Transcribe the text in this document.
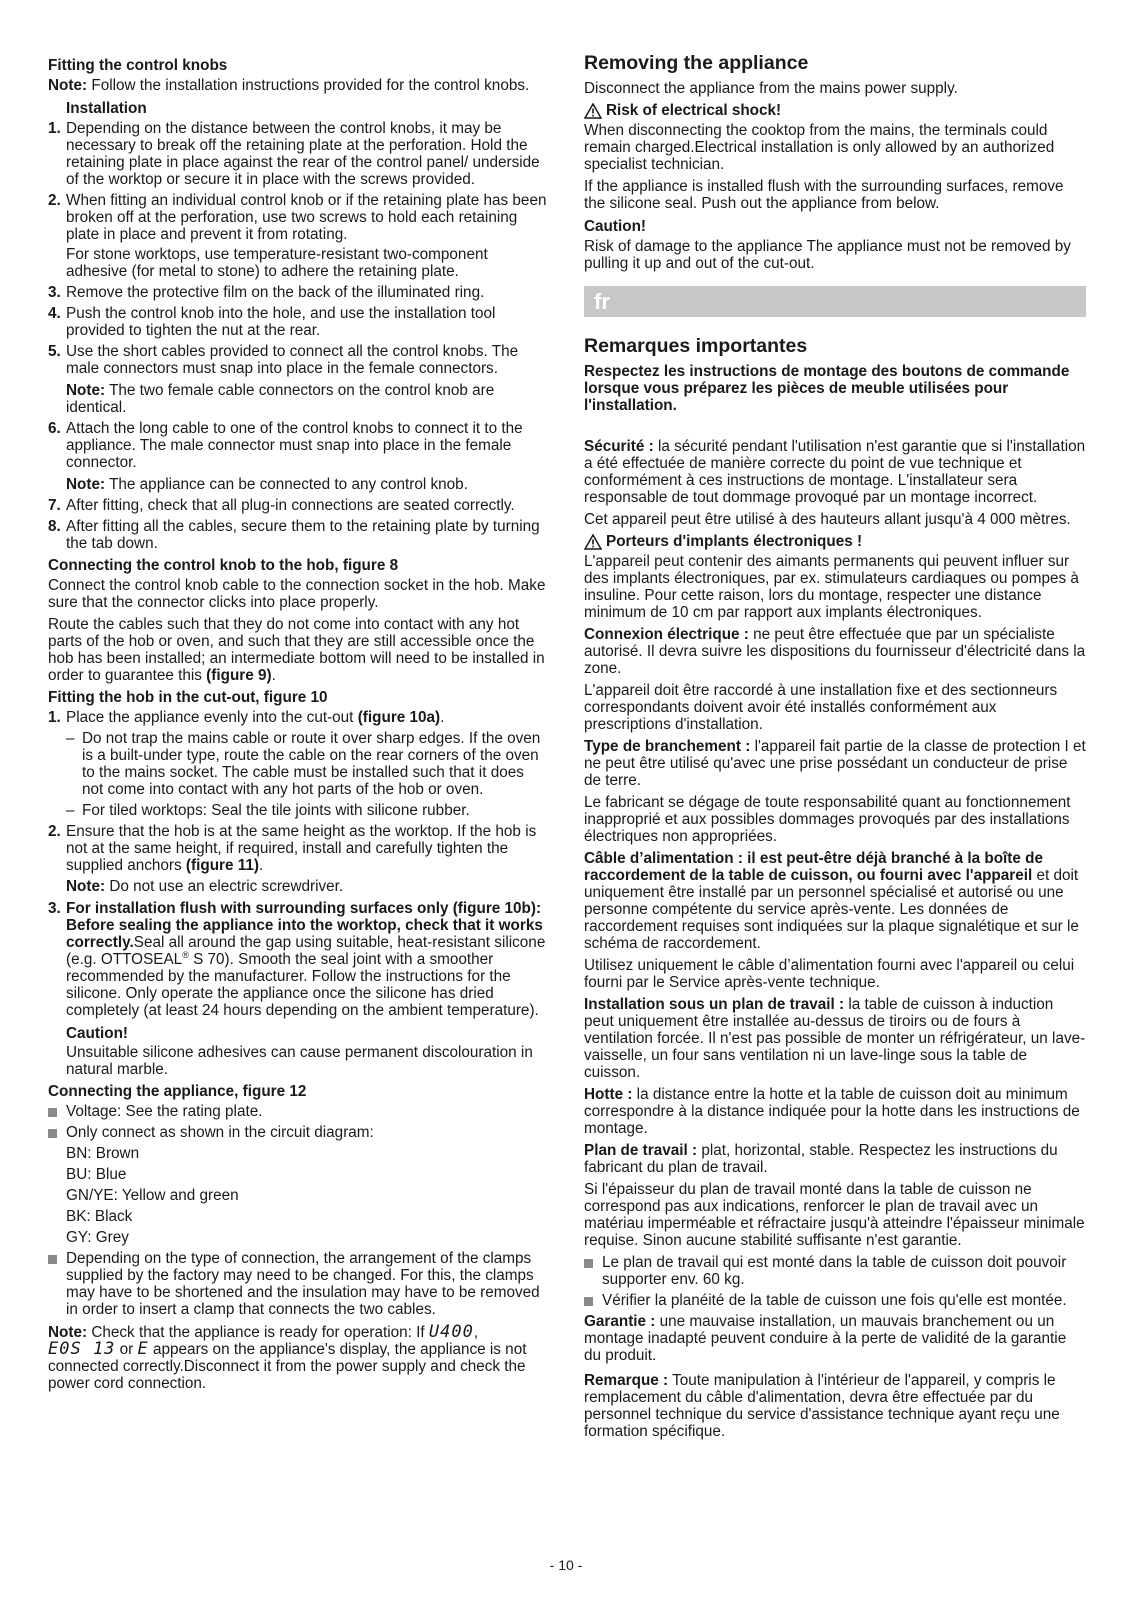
Fitting the control knobs

Note: Follow the installation instructions provided for the control knobs.

Installation

1. Depending on the distance between the control knobs, it may be necessary to break off the retaining plate at the perforation. Hold the retaining plate in place against the rear of the control panel/ underside of the worktop or secure it in place with the screws provided.
2. When fitting an individual control knob or if the retaining plate has been broken off at the perforation, use two screws to hold each retaining plate in place and prevent it from rotating.

For stone worktops, use temperature-resistant two-component adhesive (for metal to stone) to adhere the retaining plate.

3. Remove the protective film on the back of the illuminated ring.
4. Push the control knob into the hole, and use the installation tool provided to tighten the nut at the rear.
5. Use the short cables provided to connect all the control knobs. The male connectors must snap into place in the female connectors.

Note: The two female cable connectors on the control knob are identical.

6. Attach the long cable to one of the control knobs to connect it to the appliance. The male connector must snap into place in the female connector.

Note: The appliance can be connected to any control knob.

7. After fitting, check that all plug-in connections are seated correctly.
8. After fitting all the cables, secure them to the retaining plate by turning the tab down.

Connecting the control knob to the hob, figure 8

Connect the control knob cable to the connection socket in the hob. Make sure that the connector clicks into place properly.

Route the cables such that they do not come into contact with any hot parts of the hob or oven, and such that they are still accessible once the hob has been installed; an intermediate bottom will need to be installed in order to guarantee this (figure 9).

Fitting the hob in the cut-out, figure 10

1. Place the appliance evenly into the cut-out (figure 10a).
– Do not trap the mains cable or route it over sharp edges. If the oven is a built-under type, route the cable on the rear corners of the oven to the mains socket. The cable must be installed such that it does not come into contact with any hot parts of the hob or oven.
– For tiled worktops: Seal the tile joints with silicone rubber.
2. Ensure that the hob is at the same height as the worktop. If the hob is not at the same height, if required, install and carefully tighten the supplied anchors (figure 11).

Note: Do not use an electric screwdriver.

3. For installation flush with surrounding surfaces only (figure 10b): Before sealing the appliance into the worktop, check that it works correctly.Seal all around the gap using suitable, heat-resistant silicone (e.g. OTTOSEAL® S 70). Smooth the seal joint with a smoother recommended by the manufacturer. Follow the instructions for the silicone. Only operate the appliance once the silicone has dried completely (at least 24 hours depending on the ambient temperature).

Caution!

Unsuitable silicone adhesives can cause permanent discolouration in natural marble.

Connecting the appliance, figure 12

Voltage: See the rating plate.
Only connect as shown in the circuit diagram:
BN: Brown
BU: Blue
GN/YE: Yellow and green
BK: Black
GY: Grey
Depending on the type of connection, the arrangement of the clamps supplied by the factory may need to be changed. For this, the clamps may have to be shortened and the insulation may have to be removed in order to insert a clamp that connects the two cables.

Note: Check that the appliance is ready for operation: If U400,
E0S 13 or E appears on the appliance's display, the appliance is not connected correctly.Disconnect it from the power supply and check the power cord connection.

Removing the appliance

Disconnect the appliance from the mains power supply.

Risk of electrical shock!

When disconnecting the cooktop from the mains, the terminals could remain charged.Electrical installation is only allowed by an authorized specialist technician.

If the appliance is installed flush with the surrounding surfaces, remove the silicone seal. Push out the appliance from below.

Caution!

Risk of damage to the appliance The appliance must not be removed by pulling it up and out of the cut-out.

fr

Remarques importantes

Respectez les instructions de montage des boutons de commande lorsque vous préparez les pièces de meuble utilisées pour l'installation.

Sécurité : la sécurité pendant l'utilisation n'est garantie que si l'installation a été effectuée de manière correcte du point de vue technique et conformément à ces instructions de montage. L'installateur sera responsable de tout dommage provoqué par un montage incorrect.

Cet appareil peut être utilisé à des hauteurs allant jusqu'à 4 000 mètres.

Porteurs d'implants électroniques !

L'appareil peut contenir des aimants permanents qui peuvent influer sur des implants électroniques, par ex. stimulateurs cardiaques ou pompes à insuline. Pour cette raison, lors du montage, respecter une distance minimum de 10 cm par rapport aux implants électroniques.

Connexion électrique : ne peut être effectuée que par un spécialiste autorisé. Il devra suivre les dispositions du fournisseur d'électricité dans la zone.

L'appareil doit être raccordé à une installation fixe et des sectionneurs correspondants doivent avoir été installés conformément aux prescriptions d'installation.

Type de branchement : l'appareil fait partie de la classe de protection I et ne peut être utilisé qu'avec une prise possédant un conducteur de prise de terre.

Le fabricant se dégage de toute responsabilité quant au fonctionnement inapproprié et aux possibles dommages provoqués par des installations électriques non appropriées.

Câble d’alimentation : il est peut-être déjà branché à la boîte de raccordement de la table de cuisson, ou fourni avec l'appareil et doit uniquement être installé par un personnel spécialisé et autorisé ou une personne compétente du service après-vente. Les données de raccordement requises sont indiquées sur la plaque signalétique et sur le schéma de raccordement.

Utilisez uniquement le câble d’alimentation fourni avec l'appareil ou celui fourni par le Service après-vente technique.

Installation sous un plan de travail : la table de cuisson à induction peut uniquement être installée au-dessus de tiroirs ou de fours à ventilation forcée. Il n'est pas possible de monter un réfrigérateur, un lave-vaisselle, un four sans ventilation ni un lave-linge sous la table de cuisson.

Hotte : la distance entre la hotte et la table de cuisson doit au minimum correspondre à la distance indiquée pour la hotte dans les instructions de montage.

Plan de travail : plat, horizontal, stable. Respectez les instructions du fabricant du plan de travail.

Si l'épaisseur du plan de travail monté dans la table de cuisson ne correspond pas aux indications, renforcer le plan de travail avec un matériau imperméable et réfractaire jusqu'à atteindre l'épaisseur minimale requise. Sinon aucune stabilité suffisante n'est garantie.

Le plan de travail qui est monté dans la table de cuisson doit pouvoir supporter env. 60 kg.
Vérifier la planéité de la table de cuisson une fois qu'elle est montée.

Garantie : une mauvaise installation, un mauvais branchement ou un montage inadapté peuvent conduire à la perte de validité de la garantie du produit.

Remarque : Toute manipulation à l'intérieur de l'appareil, y compris le remplacement du câble d'alimentation, devra être effectuée par du personnel technique du service d'assistance technique ayant reçu une formation spécifique.

- 10 -
